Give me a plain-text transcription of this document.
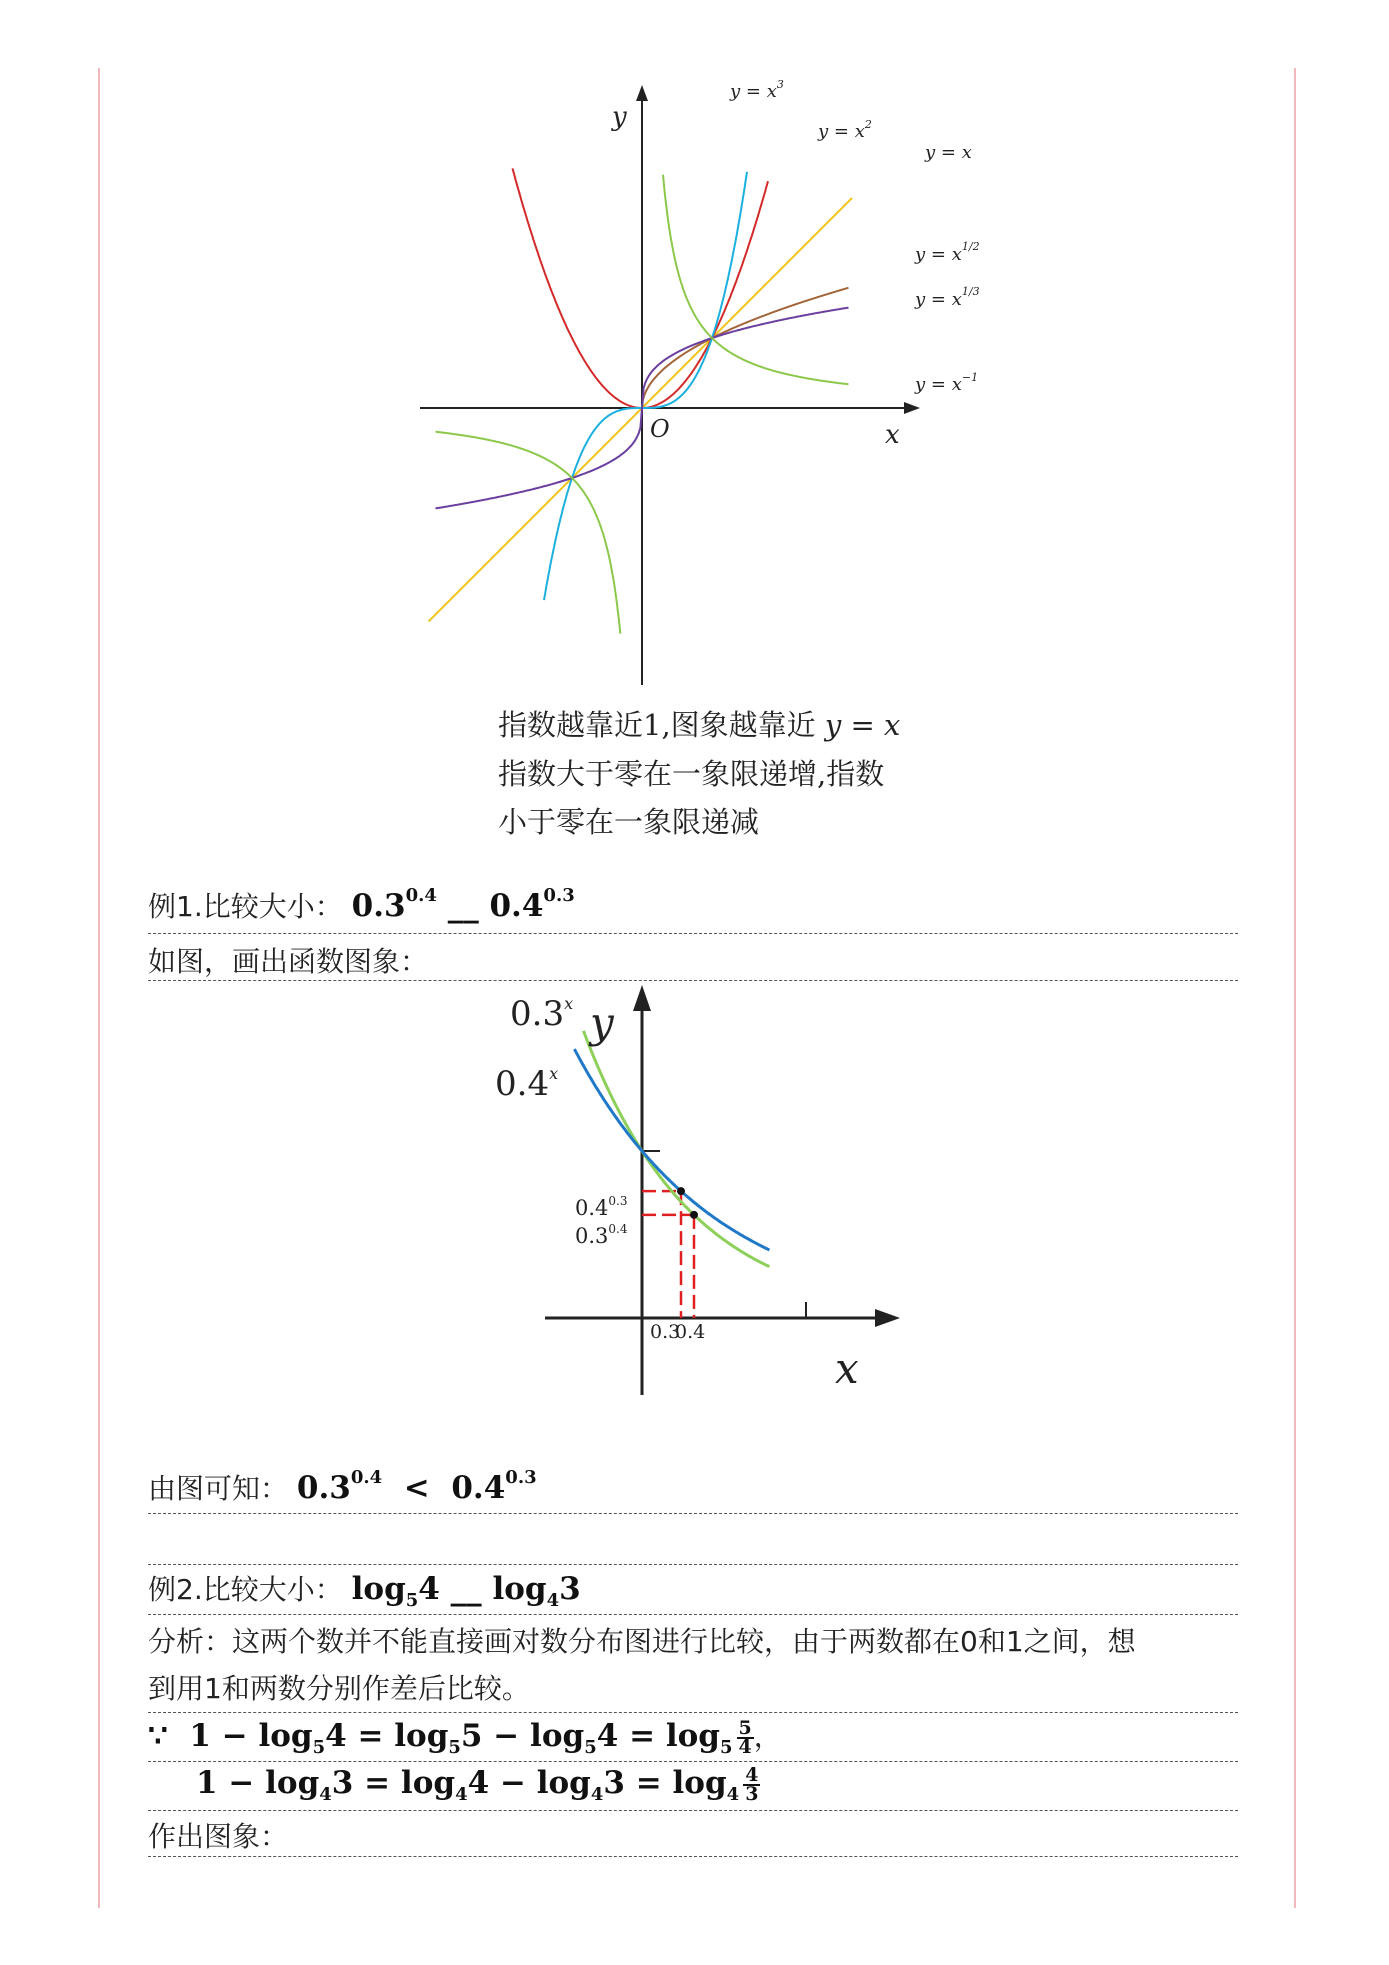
x
y
O
$y = x^3$
$y = x^2$
y = x
$y = x^{1/2}$
$y = x^{1/3}$
$y = x^{-1}$
指数越靠近1,图象越靠近 y = x
指数大于零在一象限递增,指数
小于零在一象限递减
例1.比较大小： $0.3^{0.4}$ __ $0.4^{0.3}$
如图，画出函数图象：
y
x
0.3$^x$
0.4$^x$
$0.4^{0.3}$
$0.3^{0.4}$
0.3
0.4
由图可知： $0.3^{0.4} < 0.4^{0.3}$
例2.比较大小： $\log_54$ __ $\log_43$
分析：这两个数并不能直接画对数分布图进行比较，由于两数都在0和1之间，想
到用1和两数分别作差后比较。
∵ $1 - \log_54 = \log_55 - \log_54 = \log_5 \frac{5}{4}$ ，
$1 - \log_43 = \log_44 - \log_43 = \log_4 \frac{4}{3}$
作出图象：
